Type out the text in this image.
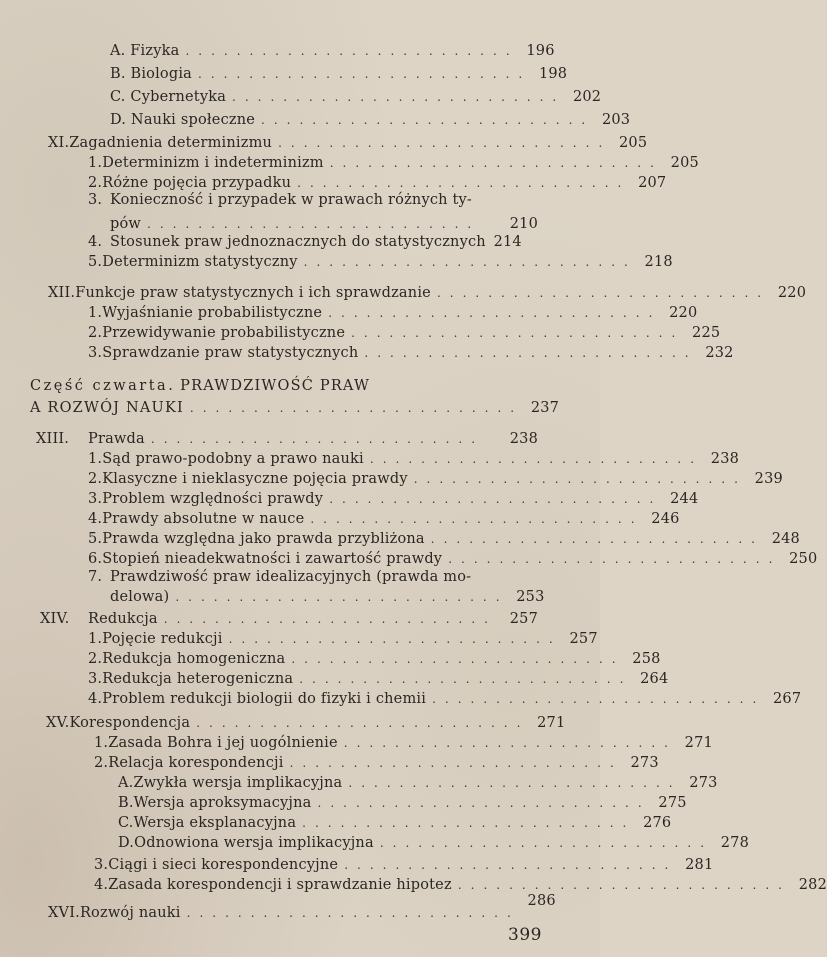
A. Fizyka .......................... 196
B. Biologia .......................... 198
C. Cybernetyka .......................... 202
D. Nauki społeczne .......................... 203
XI. Zagadnienia determinizmu .......................... 205
1. Determinizm i indeterminizm .......................... 205
2. Różne pojęcia przypadku .......................... 207
3. Konieczność i przypadek w prawach różnych ty-
pów ..........................	210
4. Stosunek praw jednoznacznych do statystycznych 214
5. Determinizm statystyczny .......................... 218
XII. Funkcje praw statystycznych i ich sprawdzanie .......................... 220
1. Wyjaśnianie probabilistyczne .......................... 220
2. Przewidywanie probabilistyczne .......................... 225
3. Sprawdzanie praw statystycznych .......................... 232
Część czwarta. PRAWDZIWOŚĆ PRAW
A ROZWÓJ NAUKI .......................... 237
XIII.	Prawda ..........................	238
1. Sąd prawo-podobny a prawo nauki .......................... 238
2. Klasyczne i nieklasyczne pojęcia prawdy .......................... 239
3. Problem względności prawdy .......................... 244
4. Prawdy absolutne w nauce .......................... 246
5. Prawda względna jako prawda przybliżona .......................... 248
6. Stopień nieadekwatności i zawartość prawdy .......................... 250
7. Prawdziwość praw idealizacyjnych (prawda mo-
delowa) .......................... 253
XIV.	Redukcja .......................... 257
1. Pojęcie redukcji .......................... 257
2. Redukcja homogeniczna .......................... 258
3. Redukcja heterogeniczna .......................... 264
4. Problem redukcji biologii do fizyki i chemii .......................... 267
XV. Korespondencja .......................... 271
1. Zasada Bohra i jej uogólnienie .......................... 271
2. Relacja korespondencji .......................... 273
A. Zwykła wersja implikacyjna .......................... 273
B. Wersja aproksymacyjna .......................... 275
C. Wersja eksplanacyjna .......................... 276
D. Odnowiona wersja implikacyjna .......................... 278
3. Ciągi i sieci korespondencyjne .......................... 281
4. Zasada korespondencji i sprawdzanie hipotez .......................... 282
XVI. Rozwój nauki ..........................
286
399
